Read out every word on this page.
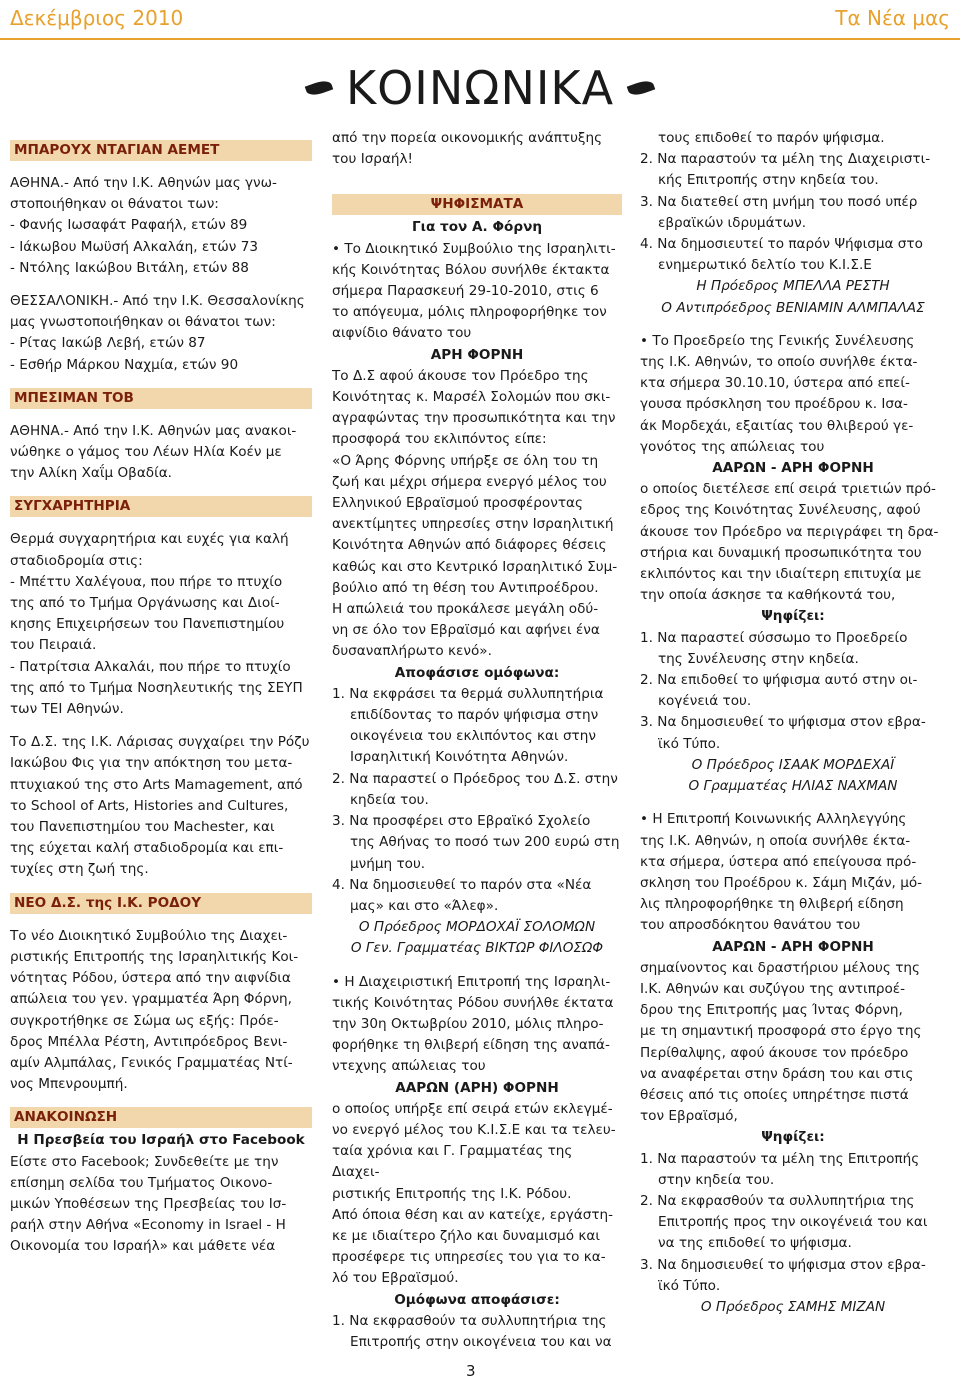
Δεκέμβριος 2010	Τα Νέα μας
ΚΟΙΝΩΝΙΚΑ
ΜΠΑΡΟΥΧ ΝΤΑΓΙΑΝ ΑΕΜΕΤ
ΑΘΗΝΑ.- Από την Ι.Κ. Αθηνών μας γνω-
στοποιήθηκαν οι θάνατοι των:
- Φανής Ιωσαφάτ Ραφαήλ, ετών 89
- Ιάκωβου Μωϋσή Αλκαλάη, ετών 73
- Ντόλης Ιακώβου Βιτάλη, ετών 88
ΘΕΣΣΑΛΟΝΙΚΗ.- Από την Ι.Κ. Θεσσαλονίκης
μας γνωστοποιήθηκαν οι θάνατοι των:
- Ρίτας Ιακώβ Λεβή, ετών 87
- Εσθήρ Μάρκου Ναχμία, ετών 90
ΜΠΕΣΙΜΑΝ ΤΟΒ
ΑΘΗΝΑ.- Από την Ι.Κ. Αθηνών μας ανακοι-
νώθηκε ο γάμος του Λέων Ηλία Κοέν με
την Αλίκη Χαΐμ Οβαδία.
ΣΥΓΧΑΡΗΤΗΡΙΑ
Θερμά συγχαρητήρια και ευχές για καλή
σταδιοδρομία στις:
- Μπέττυ Χαλέγουα, που πήρε το πτυχίο
της από το Τμήμα Οργάνωσης και Διοί-
κησης Επιχειρήσεων του Πανεπιστημίου
του Πειραιά.
- Πατρίτσια Αλκαλάι, που πήρε το πτυχίο
της από το Τμήμα Νοσηλευτικής της ΣΕΥΠ
των ΤΕΙ Αθηνών.
Το Δ.Σ. της Ι.Κ. Λάρισας συγχαίρει την Ρόζυ
Ιακώβου Φις για την απόκτηση του μετα-
πτυχιακού της στο Arts Mamagement, από
το School of Arts, Histories and Cultures,
του Πανεπιστημίου του Machester, και
της εύχεται καλή σταδιοδρομία και επι-
τυχίες στη ζωή της.
ΝΕΟ Δ.Σ. της Ι.Κ. ΡΟΔΟΥ
Το νέο Διοικητικό Συμβούλιο της Διαχει-
ριστικής Επιτροπής της Ισραηλιτικής Κοι-
νότητας Ρόδου, ύστερα από την αιφνίδια
απώλεια του γεν. γραμματέα Άρη Φόρνη,
συγκροτήθηκε σε Σώμα ως εξής: Πρόε-
δρος Μπέλλα Ρέστη, Αντιπρόεδρος Βενι-
αμίν Αλμπάλας, Γενικός Γραμματέας Ντί-
νος Μπενρουμπή.
ΑΝΑΚΟΙΝΩΣΗ
Η Πρεσβεία του Ισραήλ στο Facebook
Είστε στο Facebook; Συνδεθείτε με την
επίσημη σελίδα του Τμήματος Οικονο-
μικών Υποθέσεων της Πρεσβείας του Ισ-
ραήλ στην Αθήνα «Economy in Israel - Η
Οικονομία του Ισραήλ» και μάθετε νέα
από την πορεία οικονομικής ανάπτυξης
του Ισραήλ!
ΨΗΦΙΣΜΑΤΑ
Για τον Α. Φόρνη
• Το Διοικητικό Συμβούλιο της Ισραηλιτι-
κής Κοινότητας Βόλου συνήλθε έκτακτα
σήμερα Παρασκευή 29-10-2010, στις 6
το απόγευμα, μόλις πληροφορήθηκε τον
αιφνίδιο θάνατο του
ΑΡΗ ΦΟΡΝΗ
Το Δ.Σ αφού άκουσε τον Πρόεδρο της
Κοινότητας κ. Μαρσέλ Σολομών που σκι-
αγραφώντας την προσωπικότητα και την
προσφορά του εκλιπόντος είπε:
«Ο Άρης Φόρνης υπήρξε σε όλη του τη
ζωή και μέχρι σήμερα ενεργό μέλος του
Ελληνικού Εβραϊσμού προσφέροντας
ανεκτίμητες υπηρεσίες στην Ισραηλιτική
Κοινότητα Αθηνών από διάφορες θέσεις
καθώς και στο Κεντρικό Ισραηλιτικό Συμ-
βούλιο από τη θέση του Αντιπροέδρου.
Η απώλειά του προκάλεσε μεγάλη οδύ-
νη σε όλο τον Εβραϊσμό και αφήνει ένα
δυσαναπλήρωτο κενό».
Αποφάσισε ομόφωνα:
1. Να εκφράσει τα θερμά συλλυπητήρια
επιδίδοντας το παρόν ψήφισμα στην
οικογένεια του εκλιπόντος και στην
Ισραηλιτική Κοινότητα Αθηνών.
2. Να παραστεί ο Πρόεδρος του Δ.Σ. στην
κηδεία του.
3. Να προσφέρει στο Εβραϊκό Σχολείο
της Αθήνας το ποσό των 200 ευρώ στη
μνήμη του.
4. Να δημοσιευθεί το παρόν στα «Νέα
μας» και στο «Άλεφ».
Ο Πρόεδρος ΜΟΡΔΟΧΑΪ ΣΟΛΟΜΩΝ
Ο Γεν. Γραμματέας ΒΙΚΤΩΡ ΦΙΛΟΣΩΦ
• Η Διαχειριστική Επιτροπή της Ισραηλι-
τικής Κοινότητας Ρόδου συνήλθε έκτατα
την 30η Οκτωβρίου 2010, μόλις πληρο-
φορήθηκε τη θλιβερή είδηση της αναπά-
ντεχνης απώλειας του
ΑΑΡΩΝ (ΑΡΗ) ΦΟΡΝΗ
ο οποίος υπήρξε επί σειρά ετών εκλεγμέ-
νο ενεργό μέλος του Κ.Ι.Σ.Ε και τα τελευ-
ταία χρόνια και Γ. Γραμματέας της Διαχει-
ριστικής Επιτροπής της Ι.Κ. Ρόδου.
Από όποια θέση και αν κατείχε, εργάστη-
κε με ιδιαίτερο ζήλο και δυναμισμό και
προσέφερε τις υπηρεσίες του για το κα-
λό του Εβραϊσμού.
Ομόφωνα αποφάσισε:
1. Να εκφρασθούν τα συλλυπητήρια της
Επιτροπής στην οικογένεια του και να
τους επιδοθεί το παρόν ψήφισμα.
2. Να παραστούν τα μέλη της Διαχειριστι-
κής Επιτροπής στην κηδεία του.
3. Να διατεθεί στη μνήμη του ποσό υπέρ
εβραϊκών ιδρυμάτων.
4. Να δημοσιευτεί το παρόν Ψήφισμα στο
ενημερωτικό δελτίο του Κ.Ι.Σ.Ε
Η Πρόεδρος ΜΠΕΛΛΑ ΡΕΣΤΗ
Ο Αντιπρόεδρος ΒΕΝΙΑΜΙΝ ΑΛΜΠΑΛΑΣ
• Το Προεδρείο της Γενικής Συνέλευσης
της Ι.Κ. Αθηνών, το οποίο συνήλθε έκτα-
κτα σήμερα 30.10.10, ύστερα από επεί-
γουσα πρόσκληση του προέδρου κ. Ισα-
άκ Μορδεχάι, εξαιτίας του θλιβερού γε-
γονότος της απώλειας του
ΑΑΡΩΝ - ΑΡΗ ΦΟΡΝΗ
ο οποίος διετέλεσε επί σειρά τριετιών πρό-
εδρος της Κοινότητας Συνέλευσης, αφού
άκουσε τον Πρόεδρο να περιγράφει τη δρα-
στήρια και δυναμική προσωπικότητα του
εκλιπόντος και την ιδιαίτερη επιτυχία με
την οποία άσκησε τα καθήκοντά του,
Ψηφίζει:
1. Να παραστεί σύσσωμο το Προεδρείο
της Συνέλευσης στην κηδεία.
2. Να επιδοθεί το ψήφισμα αυτό στην οι-
κογένειά του.
3. Να δημοσιευθεί το ψήφισμα στον εβρα-
ϊκό Τύπο.
Ο Πρόεδρος ΙΣΑΑΚ ΜΟΡΔΕΧΑΪ
Ο Γραμματέας ΗΛΙΑΣ ΝΑΧΜΑΝ
• Η Επιτροπή Κοινωνικής Αλληλεγγύης
της Ι.Κ. Αθηνών, η οποία συνήλθε έκτα-
κτα σήμερα, ύστερα από επείγουσα πρό-
σκληση του Προέδρου κ. Σάμη Μιζάν, μό-
λις πληροφορήθηκε τη θλιβερή είδηση
του απροσδόκητου θανάτου του
ΑΑΡΩΝ - ΑΡΗ ΦΟΡΝΗ
σημαίνοντος και δραστήριου μέλους της
Ι.Κ. Αθηνών και συζύγου της αντιπροέ-
δρου της Επιτροπής μας Ίντας Φόρνη,
με τη σημαντική προσφορά στο έργο της
Περίθαλψης, αφού άκουσε τον πρόεδρο
να αναφέρεται στην δράση του και στις
θέσεις από τις οποίες υπηρέτησε πιστά
τον Εβραϊσμό,
Ψηφίζει:
1. Να παραστούν τα μέλη της Επιτροπής
στην κηδεία του.
2. Να εκφρασθούν τα συλλυπητήρια της
Επιτροπής προς την οικογένειά του και
να της επιδοθεί το ψήφισμα.
3. Να δημοσιευθεί το ψήφισμα στον εβρα-
ϊκό Τύπο.
Ο Πρόεδρος ΣΑΜΗΣ ΜΙΖΑΝ
3
